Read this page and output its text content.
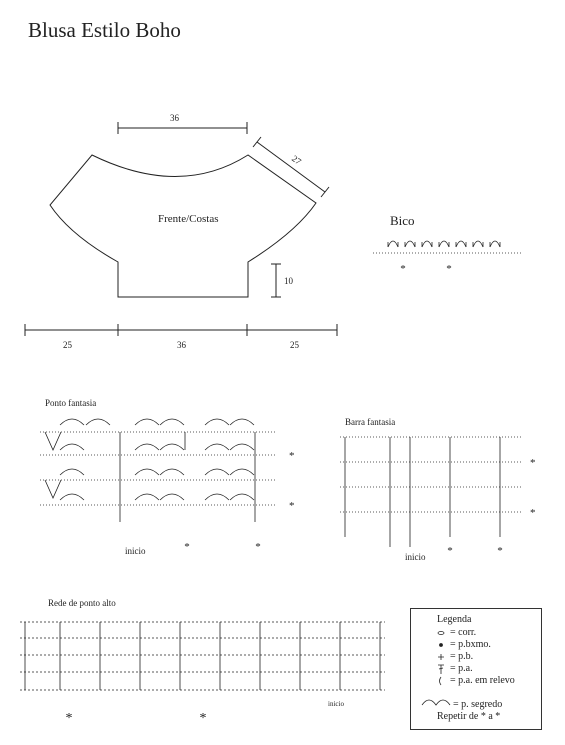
Blusa Estilo Boho
*	*
*
*
*	*
*
*
*	*
*	*
Frente/Costas
36
27
10
25	36	25
Bico
Ponto fantasia
inicio
Barra fantasia
inicio
Rede de ponto alto
inicio
Legenda
= corr.
= p.bxmo.
= p.b.
= p.a.
= p.a. em relevo
= p. segredo
Repetir de * a *
